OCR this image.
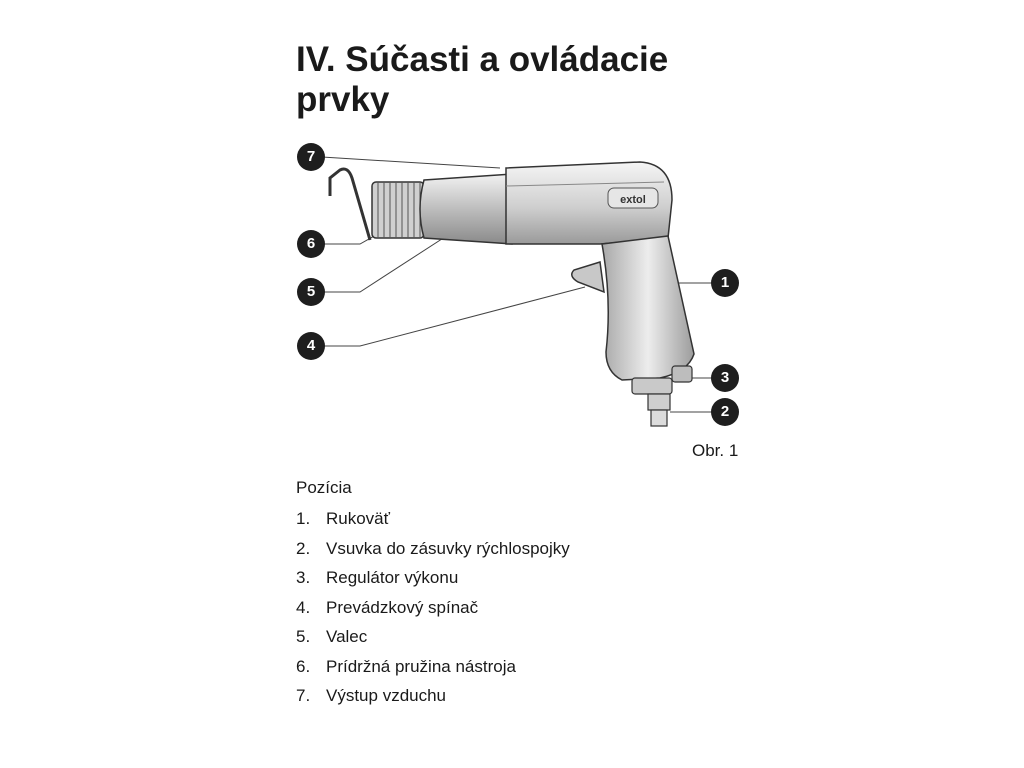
IV. Súčasti a ovládacie prvky
extol
7
6
5
4
1
3
2
Obr. 1
Pozícia
1. Rukoväť
2. Vsuvka do zásuvky rýchlospojky
3. Regulátor výkonu
4. Prevádzkový spínač
5. Valec
6. Prídržná pružina nástroja
7. Výstup vzduchu
